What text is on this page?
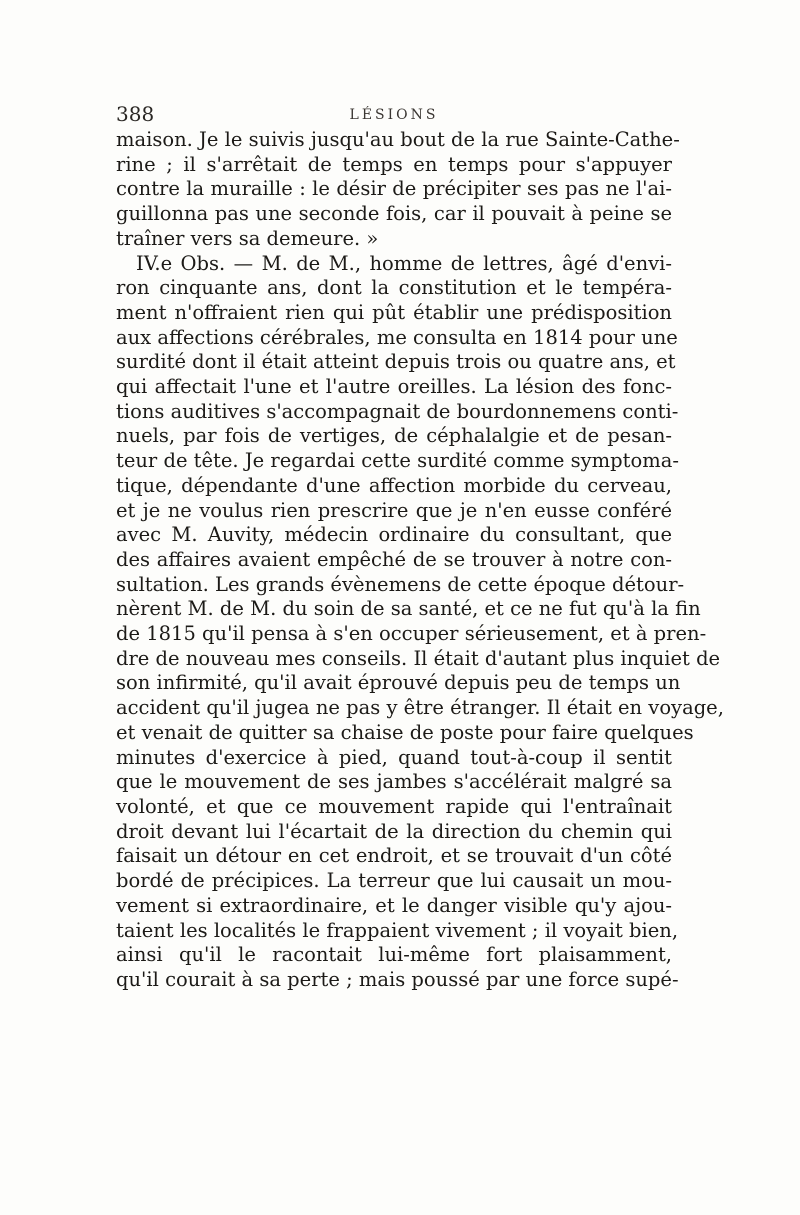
388	LÉSIONS
maison. Je le suivis jusqu'au bout de la rue Sainte-Cathe-
rine ; il s'arrêtait de temps en temps pour s'appuyer
contre la muraille : le désir de précipiter ses pas ne l'ai-
guillonna pas une seconde fois, car il pouvait à peine se
traîner vers sa demeure. »
IV.e Obs. — M. de M., homme de lettres, âgé d'envi-
ron cinquante ans, dont la constitution et le tempéra-
ment n'offraient rien qui pût établir une prédisposition
aux affections cérébrales, me consulta en 1814 pour une
surdité dont il était atteint depuis trois ou quatre ans, et
qui affectait l'une et l'autre oreilles. La lésion des fonc-
tions auditives s'accompagnait de bourdonnemens conti-
nuels, par fois de vertiges, de céphalalgie et de pesan-
teur de tête. Je regardai cette surdité comme symptoma-
tique, dépendante d'une affection morbide du cerveau,
et je ne voulus rien prescrire que je n'en eusse conféré
avec M. Auvity, médecin ordinaire du consultant, que
des affaires avaient empêché de se trouver à notre con-
sultation. Les grands évènemens de cette époque détour-
nèrent M. de M. du soin de sa santé, et ce ne fut qu'à la fin
de 1815 qu'il pensa à s'en occuper sérieusement, et à pren-
dre de nouveau mes conseils. Il était d'autant plus inquiet de
son infirmité, qu'il avait éprouvé depuis peu de temps un
accident qu'il jugea ne pas y être étranger. Il était en voyage,
et venait de quitter sa chaise de poste pour faire quelques
minutes d'exercice à pied, quand tout-à-coup il sentit
que le mouvement de ses jambes s'accélérait malgré sa
volonté, et que ce mouvement rapide qui l'entraînait
droit devant lui l'écartait de la direction du chemin qui
faisait un détour en cet endroit, et se trouvait d'un côté
bordé de précipices. La terreur que lui causait un mou-
vement si extraordinaire, et le danger visible qu'y ajou-
taient les localités le frappaient vivement ; il voyait bien,
ainsi qu'il le racontait lui-même fort plaisamment,
qu'il courait à sa perte ; mais poussé par une force supé-
